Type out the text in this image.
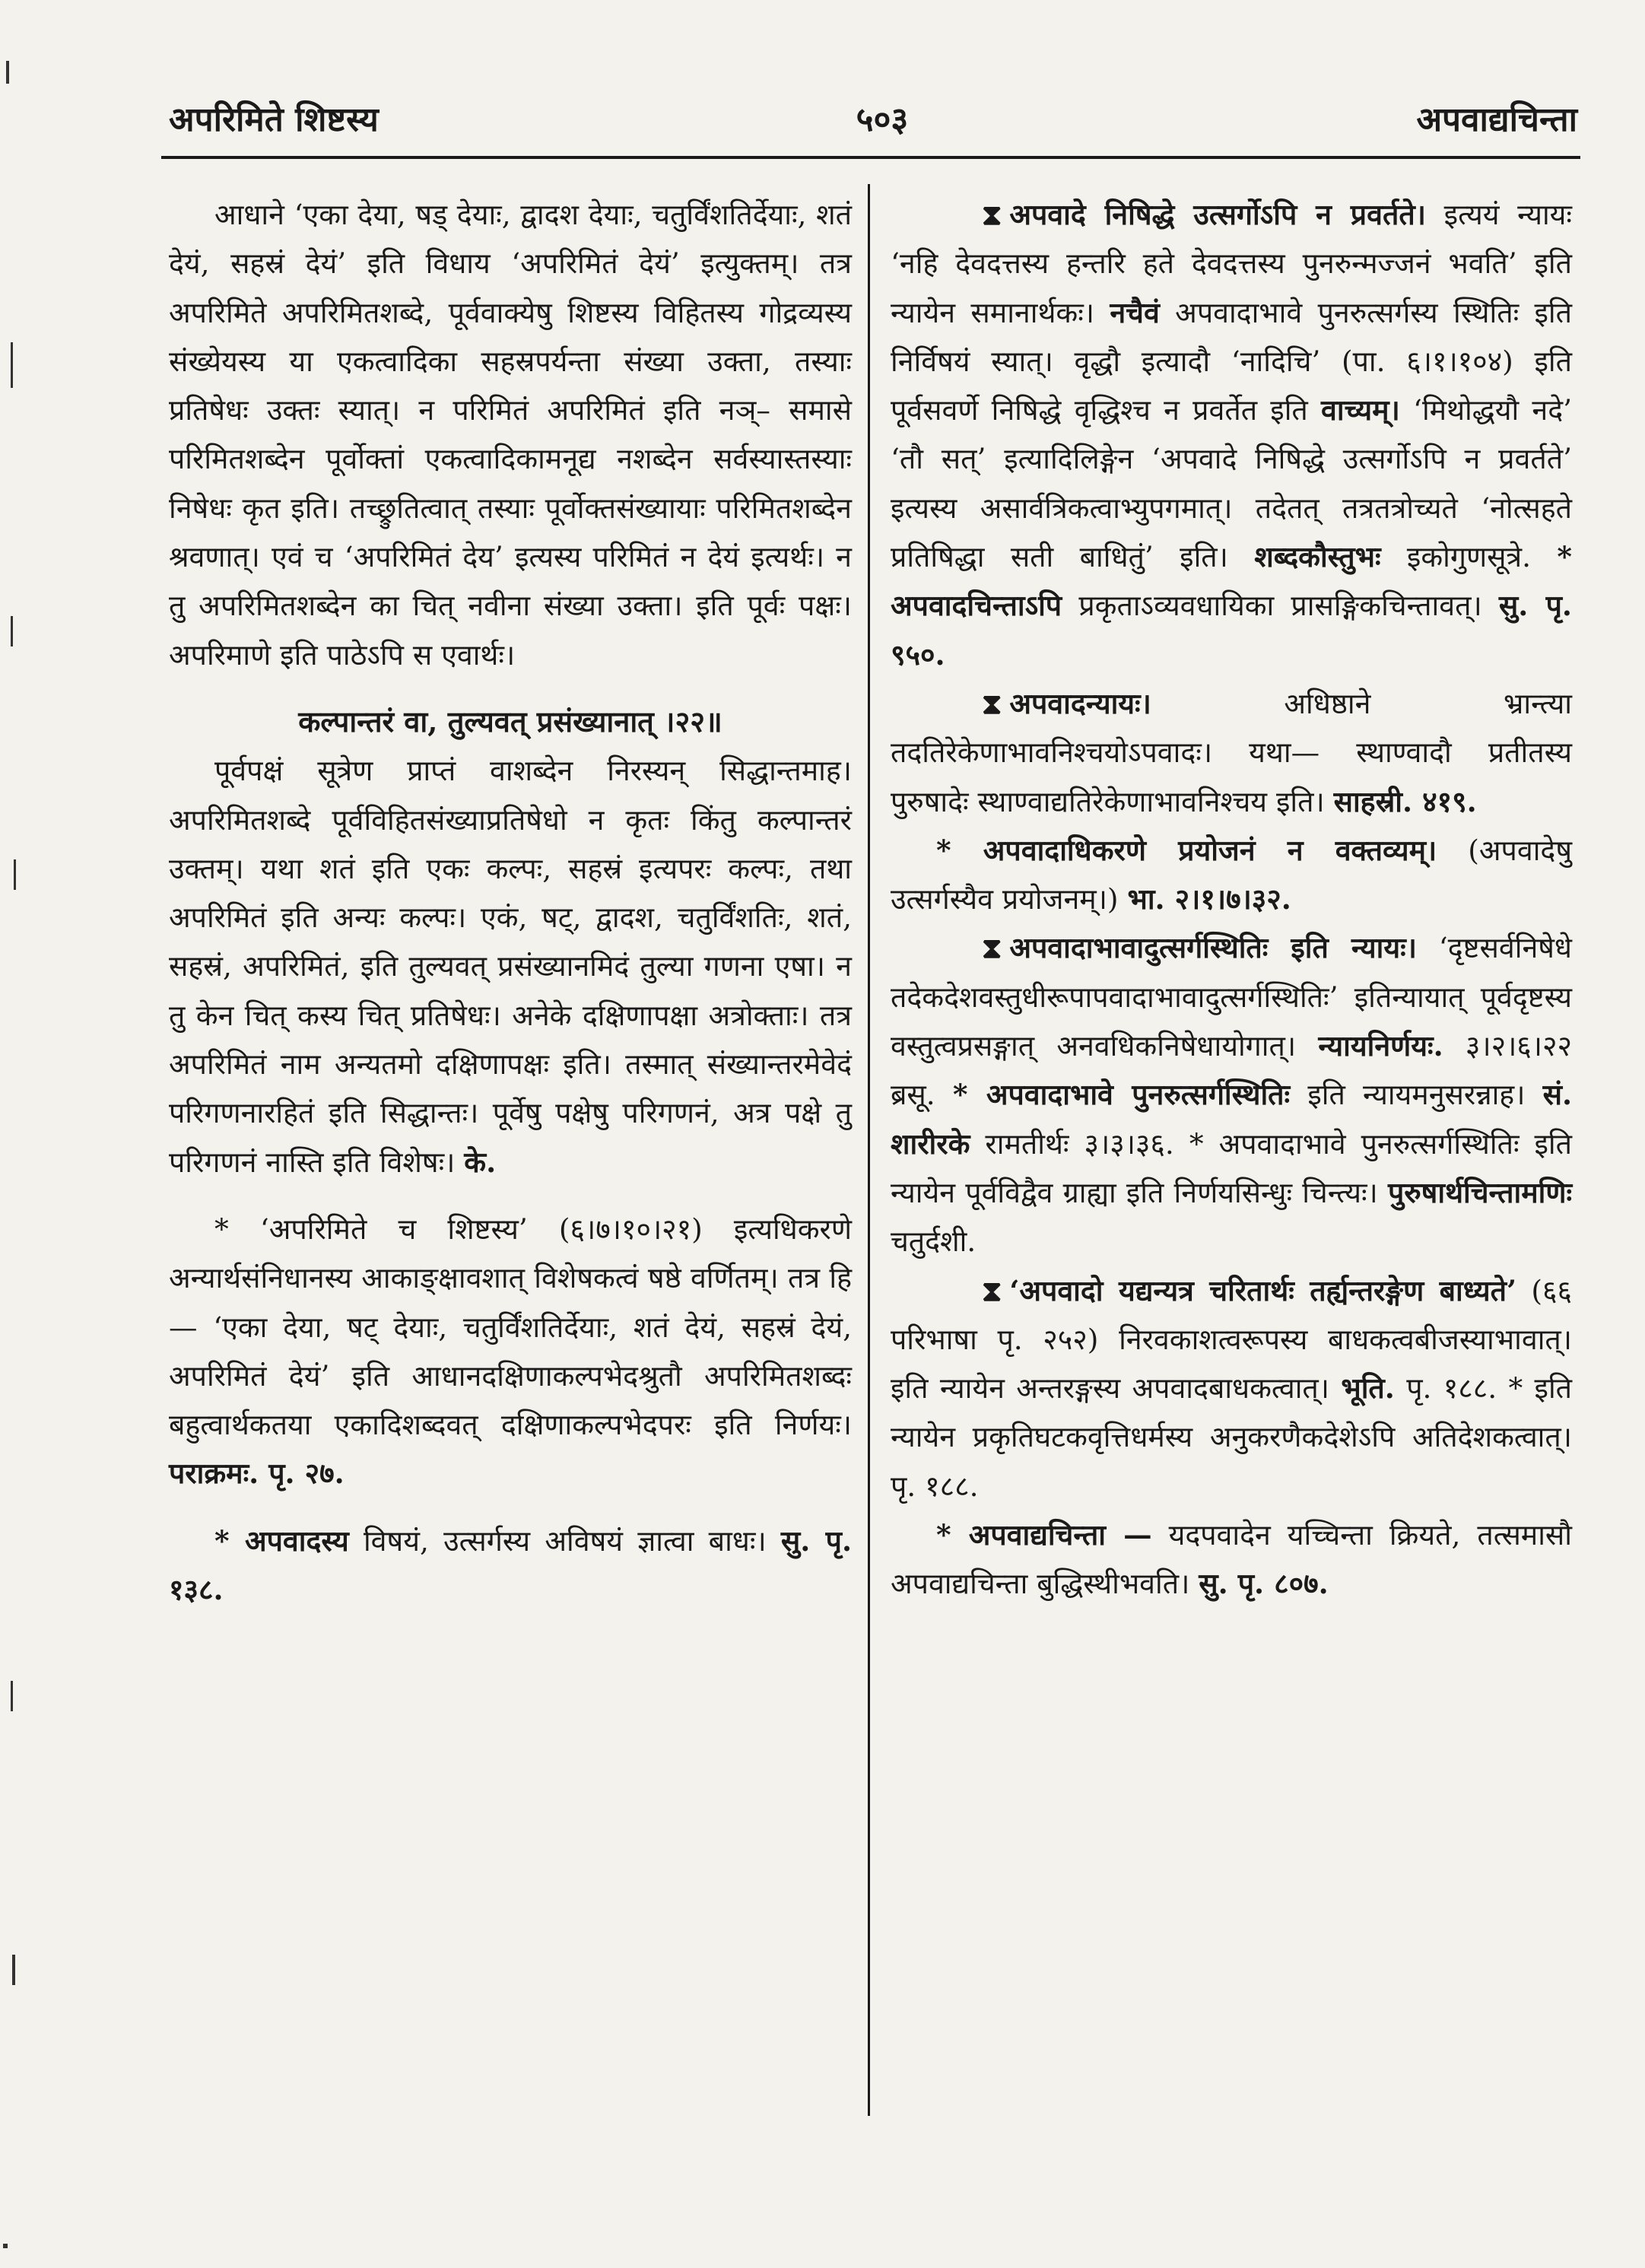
अपरिमिते शिष्टस्य	५०३	अपवाद्यचिन्ता

आधाने ‘एका देया, षड् देयाः, द्वादश देयाः, चतुर्विंशतिर्देयाः, शतं देयं, सहस्रं देयं’ इति विधाय ‘अपरिमितं देयं’ इत्युक्तम्। तत्र अपरिमिते अपरिमितशब्दे, पूर्ववाक्येषु शिष्टस्य विहितस्य गोद्रव्यस्य संख्येयस्य या एकत्वादिका सहस्रपर्यन्ता संख्या उक्ता, तस्याः प्रतिषेधः उक्तः स्यात्। न परिमितं अपरिमितं इति नञ्– समासे परिमितशब्देन पूर्वोक्तां एकत्वादिकामनूद्य नशब्देन सर्वस्यास्तस्याः निषेधः कृत इति। तच्छ्रुतित्वात् तस्याः पूर्वोक्तसंख्यायाः परिमितशब्देन श्रवणात्। एवं च ‘अपरिमितं देय’ इत्यस्य परिमितं न देयं इत्यर्थः। न तु अपरिमितशब्देन का चित् नवीना संख्या उक्ता। इति पूर्वः पक्षः। अपरिमाणे इति पाठेऽपि स एवार्थः।

कल्पान्तरं वा, तुल्यवत् प्रसंख्यानात् ।२२॥

पूर्वपक्षं सूत्रेण प्राप्तं वाशब्देन निरस्यन् सिद्धान्तमाह। अपरिमितशब्दे पूर्वविहितसंख्याप्रतिषेधो न कृतः किंतु कल्पान्तरं उक्तम्। यथा शतं इति एकः कल्पः, सहस्रं इत्यपरः कल्पः, तथा अपरिमितं इति अन्यः कल्पः। एकं, षट्, द्वादश, चतुर्विंशतिः, शतं, सहस्रं, अपरिमितं, इति तुल्यवत् प्रसंख्यानमिदं तुल्या गणना एषा। न तु केन चित् कस्य चित् प्रतिषेधः। अनेके दक्षिणापक्षा अत्रोक्ताः। तत्र अपरिमितं नाम अन्यतमो दक्षिणापक्षः इति। तस्मात् संख्यान्तरमेवेदं परिगणनारहितं इति सिद्धान्तः। पूर्वेषु पक्षेषु परिगणनं, अत्र पक्षे तु परिगणनं नास्ति इति विशेषः। के.

* ‘अपरिमिते च शिष्टस्य’ (६।७।१०।२१) इत्यधिकरणे अन्यार्थसंनिधानस्य आकाङ्क्षावशात् विशेषकत्वं षष्ठे वर्णितम्। तत्र हि— ‘एका देया, षट् देयाः, चतुर्विंशतिर्देयाः, शतं देयं, सहस्रं देयं, अपरिमितं देयं’ इति आधानदक्षिणाकल्पभेदश्रुतौ अपरिमितशब्दः बहुत्वार्थकतया एकादिशब्दवत् दक्षिणाकल्पभेदपरः इति निर्णयः। पराक्रमः. पृ. २७.

* अपवादस्य विषयं, उत्सर्गस्य अविषयं ज्ञात्वा बाधः। सु. पृ. १३८.

⧗ अपवादे निषिद्धे उत्सर्गोऽपि न प्रवर्तते। इत्ययं न्यायः ‘नहि देवदत्तस्य हन्तरि हते देवदत्तस्य पुनरुन्मज्जनं भवति’ इति न्यायेन समानार्थकः। नचैवं अपवादाभावे पुनरुत्सर्गस्य स्थितिः इति निर्विषयं स्यात्। वृद्धौ इत्यादौ ‘नादिचि’ (पा. ६।१।१०४) इति पूर्वसवर्णे निषिद्धे वृद्धिश्च न प्रवर्तेत इति वाच्यम्। ‘मिथोद्धयौ नदे’ ‘तौ सत्’ इत्यादिलिङ्गेन ‘अपवादे निषिद्धे उत्सर्गोऽपि न प्रवर्तते’ इत्यस्य असार्वत्रिकत्वाभ्युपगमात्। तदेतत् तत्रतत्रोच्यते ‘नोत्सहते प्रतिषिद्धा सती बाधितुं’ इति। शब्दकौस्तुभः इकोगुणसूत्रे. * अपवादचिन्ताऽपि प्रकृताऽव्यवधायिका प्रासङ्गिकचिन्तावत्। सु. पृ. ९५०.

⧗ अपवादन्यायः।	अधिष्ठाने भ्रान्त्या तदतिरेकेणाभावनिश्चयोऽपवादः। यथा— स्थाण्वादौ प्रतीतस्य पुरुषादेः स्थाण्वाद्यतिरेकेणाभावनिश्चय इति। साहस्री. ४१९.

* अपवादाधिकरणे प्रयोजनं न वक्तव्यम्। (अपवादेषु उत्सर्गस्यैव प्रयोजनम्।) भा. २।१।७।३२.

⧗ अपवादाभावादुत्सर्गस्थितिः इति न्यायः। ‘दृष्टसर्वनिषेधे तदेकदेशवस्तुधीरूपापवादाभावादुत्सर्गस्थितिः’ इतिन्यायात् पूर्वदृष्टस्य वस्तुत्वप्रसङ्गात् अनवधिकनिषेधायोगात्। न्यायनिर्णयः. ३।२।६।२२ ब्रसू. * अपवादाभावे पुनरुत्सर्गस्थितिः इति न्यायमनुसरन्नाह। सं. शारीरके रामतीर्थः ३।३।३६. * अपवादाभावे पुनरुत्सर्गस्थितिः इति न्यायेन पूर्वविद्वैव ग्राह्या इति निर्णयसिन्धुः चिन्त्यः। पुरुषार्थचिन्तामणिः चतुर्दशी.

⧗ ‘अपवादो यद्यन्यत्र चरितार्थः तर्ह्यन्तरङ्गेण बाध्यते’ (६६ परिभाषा पृ. २५२) निरवकाशत्वरूपस्य बाधकत्वबीजस्याभावात्। इति न्यायेन अन्तरङ्गस्य अपवादबाधकत्वात्। भूति. पृ. १८८. * इति न्यायेन प्रकृतिघटकवृत्तिधर्मस्य अनुकरणैकदेशेऽपि अतिदेशकत्वात्। पृ. १८८.

* अपवाद्यचिन्ता — यदपवादेन यच्चिन्ता क्रियते, तत्समासौ अपवाद्यचिन्ता बुद्धिस्थीभवति। सु. पृ. ८०७.
